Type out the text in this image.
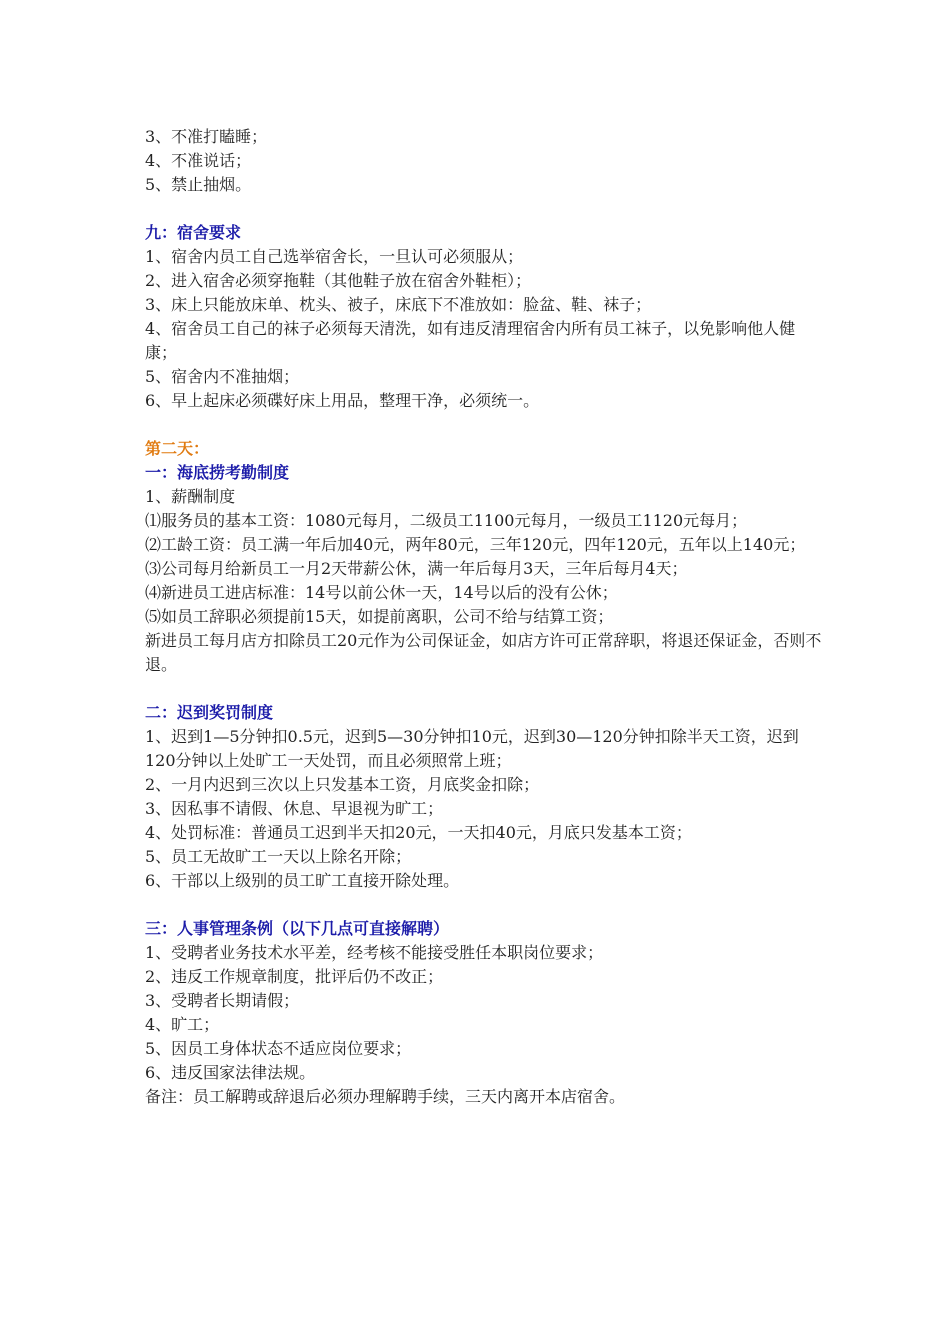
3、不准打瞌睡；
4、不准说话；
5、禁止抽烟。
九：宿舍要求
1、宿舍内员工自己选举宿舍长，一旦认可必须服从；
2、进入宿舍必须穿拖鞋（其他鞋子放在宿舍外鞋柜）；
3、床上只能放床单、枕头、被子，床底下不准放如：脸盆、鞋、袜子；
4、宿舍员工自己的袜子必须每天清洗，如有违反清理宿舍内所有员工袜子，以免影响他人健康；
5、宿舍内不准抽烟；
6、早上起床必须碟好床上用品，整理干净，必须统一。
第二天：
一：海底捞考勤制度
1、薪酬制度
⑴服务员的基本工资：1080元每月，二级员工1100元每月，一级员工1120元每月；
⑵工龄工资：员工满一年后加40元，两年80元，三年120元，四年120元，五年以上140元；
⑶公司每月给新员工一月2天带薪公休，满一年后每月3天，三年后每月4天；
⑷新进员工进店标准：14号以前公休一天，14号以后的没有公休；
⑸如员工辞职必须提前15天，如提前离职，公司不给与结算工资；
新进员工每月店方扣除员工20元作为公司保证金，如店方许可正常辞职，将退还保证金，否则不退。
二：迟到奖罚制度
1、迟到1—5分钟扣0.5元，迟到5—30分钟扣10元，迟到30—120分钟扣除半天工资，迟到120分钟以上处旷工一天处罚，而且必须照常上班；
2、一月内迟到三次以上只发基本工资，月底奖金扣除；
3、因私事不请假、休息、早退视为旷工；
4、处罚标准：普通员工迟到半天扣20元，一天扣40元，月底只发基本工资；
5、员工无故旷工一天以上除名开除；
6、干部以上级别的员工旷工直接开除处理。
三：人事管理条例（以下几点可直接解聘）
1、受聘者业务技术水平差，经考核不能接受胜任本职岗位要求；
2、违反工作规章制度，批评后仍不改正；
3、受聘者长期请假；
4、旷工；
5、因员工身体状态不适应岗位要求；
6、违反国家法律法规。
备注：员工解聘或辞退后必须办理解聘手续，三天内离开本店宿舍。
